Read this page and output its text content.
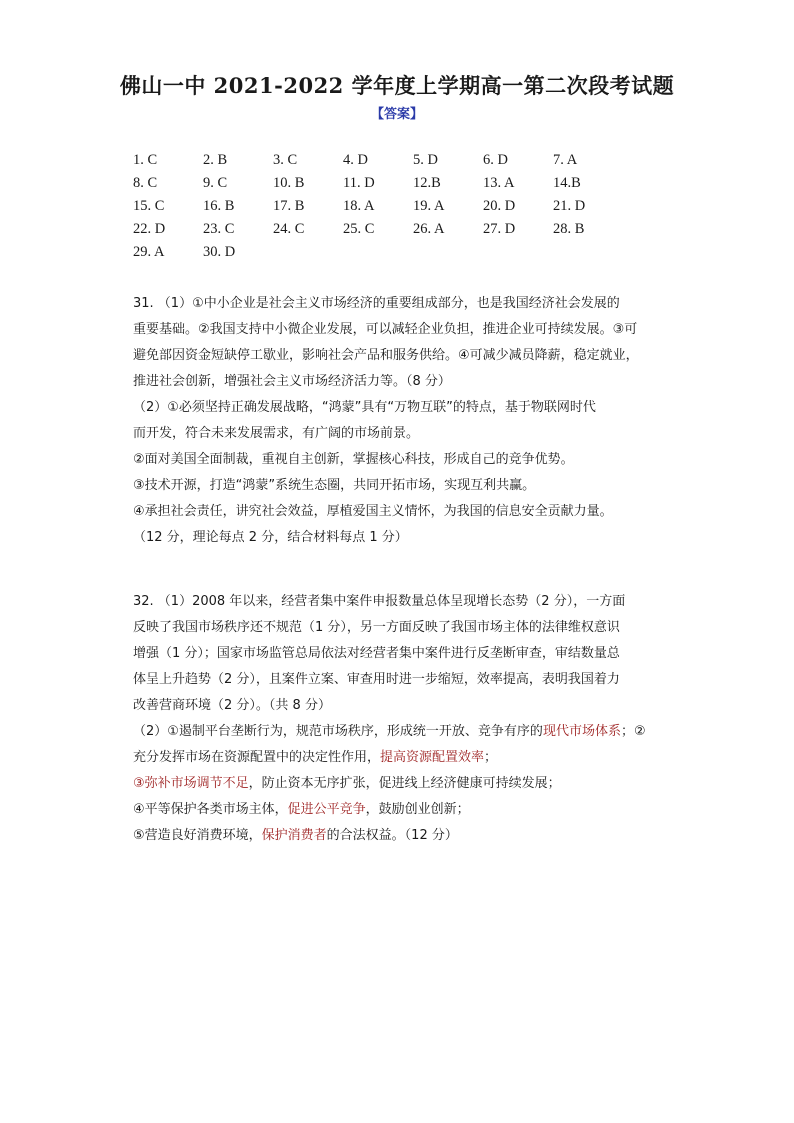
佛山一中 2021-2022 学年度上学期高一第二次段考试题
【答案】
1. C	2. B	3. C	4. D	5. D	6. D	7. A
8. C	9. C	10. B	11. D	12.B	13. A	14.B
15. C	16. B	17. B	18. A	19. A	20. D	21. D
22. D	23. C	24. C	25. C	26. A	27. D	28. B
29. A	30. D

31. （1）①中小企业是社会主义市场经济的重要组成部分，也是我国经济社会发展的

重要基础。②我国支持中小微企业发展，可以减轻企业负担，推进企业可持续发展。③可

避免部因资金短缺停工歇业，影响社会产品和服务供给。④可减少减员降薪，稳定就业，

推进社会创新，增强社会主义市场经济活力等。（8 分）

（2）①必须坚持正确发展战略，“鸿蒙”具有“万物互联”的特点，基于物联网时代

而开发，符合未来发展需求，有广阔的市场前景。

②面对美国全面制裁，重视自主创新，掌握核心科技，形成自己的竞争优势。

③技术开源，打造“鸿蒙”系统生态圈，共同开拓市场，实现互利共赢。

④承担社会责任，讲究社会效益，厚植爱国主义情怀，为我国的信息安全贡献力量。

（12 分，理论每点 2 分，结合材料每点 1 分）

32. （1）2008 年以来，经营者集中案件申报数量总体呈现增长态势（2 分），一方面

反映了我国市场秩序还不规范（1 分），另一方面反映了我国市场主体的法律维权意识

增强（1 分）；国家市场监管总局依法对经营者集中案件进行反垄断审查，审结数量总

体呈上升趋势（2 分），且案件立案、审查用时进一步缩短，效率提高，表明我国着力

改善营商环境（2 分）。（共 8 分）

（2）①遏制平台垄断行为，规范市场秩序，形成统一开放、竞争有序的现代市场体系；②

充分发挥市场在资源配置中的决定性作用，提高资源配置效率；

③弥补市场调节不足，防止资本无序扩张，促进线上经济健康可持续发展；

④平等保护各类市场主体，促进公平竞争，鼓励创业创新；

⑤营造良好消费环境，保护消费者的合法权益。（12 分）
